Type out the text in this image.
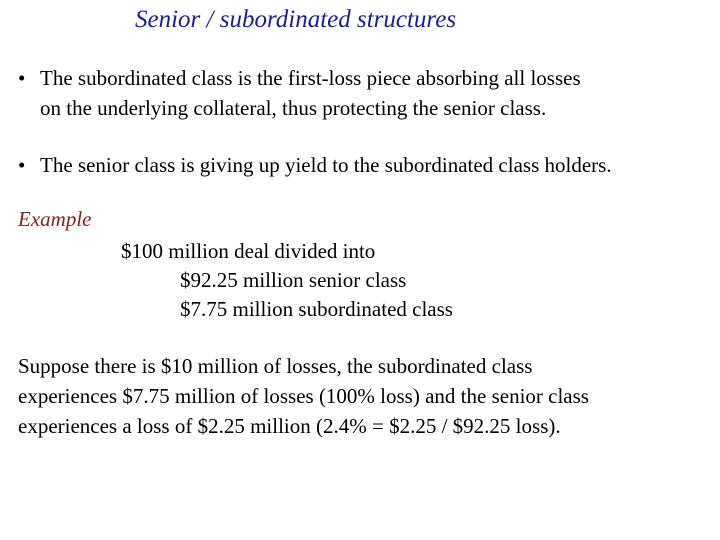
Senior / subordinated structures
• The subordinated class is the first-loss piece absorbing all losses
on the underlying collateral, thus protecting the senior class.
• The senior class is giving up yield to the subordinated class holders.
Example
$100 million deal divided into
$92.25 million senior class
$7.75 million subordinated class
Suppose there is $10 million of losses, the subordinated class
experiences $7.75 million of losses (100% loss) and the senior class
experiences a loss of $2.25 million (2.4% = $2.25 / $92.25 loss).
